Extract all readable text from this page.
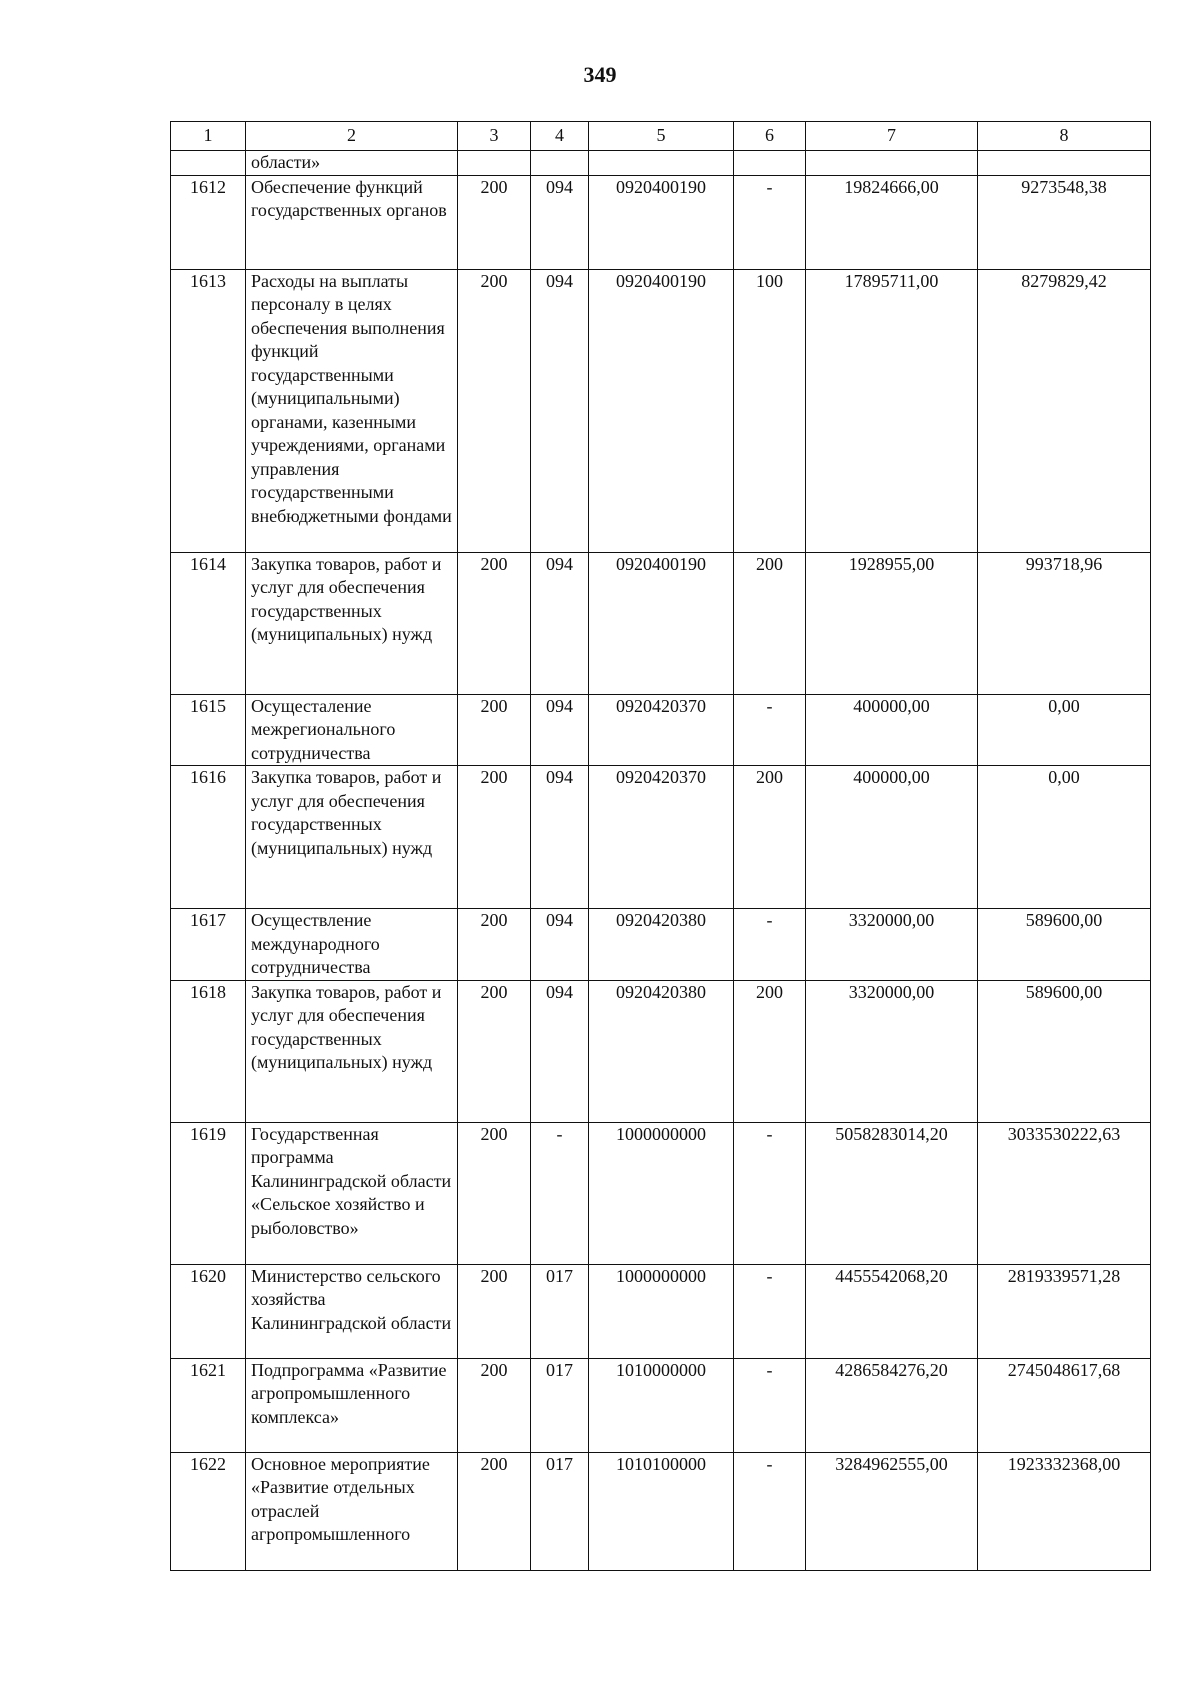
349
1	2	3	4	5	6	7	8
	области»						
1612	Обеспечение функций государственных органов	200	094	0920400190	-	19824666,00	9273548,38
1613	Расходы на выплаты персоналу в целях обеспечения выполнения функций государственными (муниципальными) органами, казенными учреждениями, органами управления государственными внебюджетными фондами	200	094	0920400190	100	17895711,00	8279829,42
1614	Закупка товаров, работ и услуг для обеспечения государственных (муниципальных) нужд	200	094	0920400190	200	1928955,00	993718,96
1615	Осущесталение межрегионального сотрудничества	200	094	0920420370	-	400000,00	0,00
1616	Закупка товаров, работ и услуг для обеспечения государственных (муниципальных) нужд	200	094	0920420370	200	400000,00	0,00
1617	Осуществление международного сотрудничества	200	094	0920420380	-	3320000,00	589600,00
1618	Закупка товаров, работ и услуг для обеспечения государственных (муниципальных) нужд	200	094	0920420380	200	3320000,00	589600,00
1619	Государственная программа Калининградской области «Сельское хозяйство и рыболовство»	200	-	1000000000	-	5058283014,20	3033530222,63
1620	Министерство сельского хозяйства Калининградской области	200	017	1000000000	-	4455542068,20	2819339571,28
1621	Подпрограмма «Развитие агропромышленного комплекса»	200	017	1010000000	-	4286584276,20	2745048617,68
1622	Основное мероприятие «Развитие отдельных отраслей агропромышленного	200	017	1010100000	-	3284962555,00	1923332368,00
